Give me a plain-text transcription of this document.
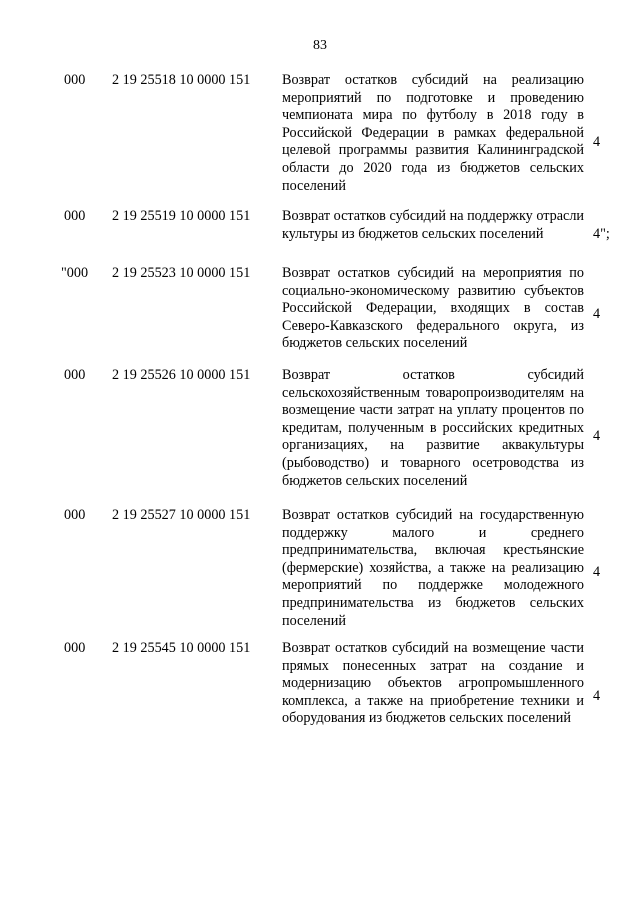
83
000 2 19 25518 10 0000 151 Возврат остатков субсидий на реализацию мероприятий по подготовке и проведению чемпионата мира по футболу в 2018 году в Российской Федерации в рамках федеральной целевой программы развития Калининградской области до 2020 года из бюджетов сельских поселений
4
000 2 19 25519 10 0000 151 Возврат остатков субсидий на поддержку отрасли культуры из бюджетов сельских поселений	4";
"000 2 19 25523 10 0000 151 Возврат остатков субсидий на мероприятия по социально-экономическому развитию субъектов Российской Федерации, входящих в состав Северо-Кавказского федерального округа, из бюджетов сельских поселений
4
000 2 19 25526 10 0000 151 Возврат остатков субсидий сельскохозяйственным товаропроизводителям на возмещение части затрат на уплату процентов по кредитам, полученным в российских кредитных организациях, на развитие аквакультуры (рыбоводство) и товарного осетроводства из бюджетов сельских поселений
4
000 2 19 25527 10 0000 151 Возврат остатков субсидий на государственную поддержку малого и среднего предпринимательства, включая крестьянские (фермерские) хозяйства, а также на реализацию мероприятий по поддержке молодежного предпринимательства из бюджетов сельских поселений
4
000 2 19 25545 10 0000 151 Возврат остатков субсидий на возмещение части прямых понесенных затрат на создание и модернизацию объектов агропромышленного комплекса, а также на приобретение техники и оборудования из бюджетов сельских поселений
4
